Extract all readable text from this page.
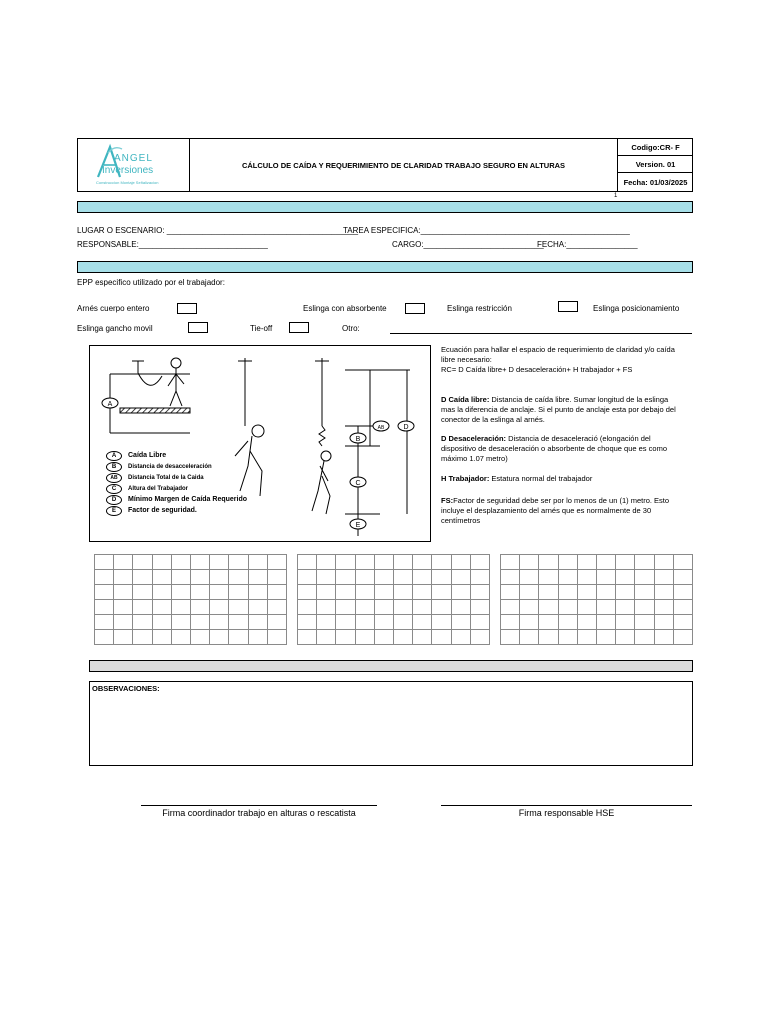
ANGEL
Inversiones
Construccion Montaje Señalizacion
CÁLCULO DE CAÍDA Y REQUERIMIENTO DE CLARIDAD TRABAJO SEGURO EN ALTURAS
Codigo:CR- F
Version. 01
Fecha: 01/03/2025
1
LUGAR O ESCENARIO: ___________________________________________
TAREA ESPECIFICA:_______________________________________________
RESPONSABLE:_____________________________	CARGO:___________________________
FECHA:________________
EPP especifico utilizado por el trabajador:
Arnés cuerpo entero	Eslinga con absorbente	Eslinga restricción	Eslinga posicionamiento
Eslinga gancho movil	Tie-off	Otro:
A
AB	D
B
C
E
A	Caída Libre
B	Distancia de desacceleración
AB	Distancia Total de la Caida
C	Altura del Trabajador
D	Mínimo Margen de Caída Requerido
E	Factor de seguridad.
Ecuación para hallar el espacio de requerimiento de claridad y/o caída
libre necesario:
RC= D Caída libre+ D desaceleración+ H trabajador + FS
D Caída libre: Distancia de caída libre. Sumar longitud de la eslinga
mas la diferencia de anclaje. Si el punto de anclaje esta por debajo del
conector de la eslinga al arnés.
D Desaceleración: Distancia de desaceleració (elongación del
dispositivo de desaceleración o absorbente de choque que es como
máximo 1.07 metro)
H Trabajador: Estatura normal del trabajador
FS:Factor de seguridad debe ser por lo menos de un (1) metro. Esto
incluye el desplazamiento del arnés que es normalmente de 30
centímetros

OBSERVACIONES:
Firma coordinador trabajo en alturas o rescatista	Firma responsable HSE
